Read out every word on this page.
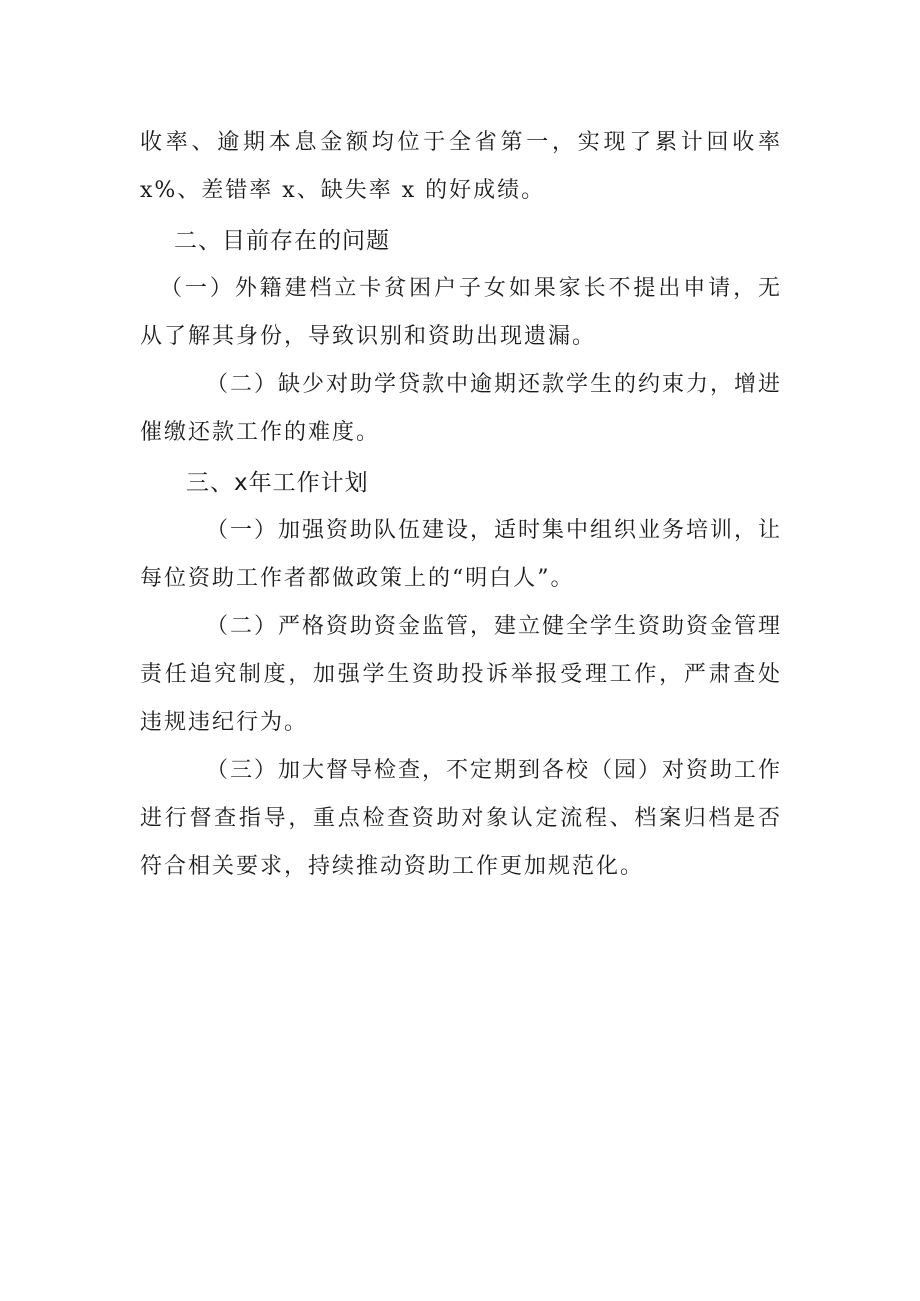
收率、逾期本息金额均位于全省第一，实现了累计回收率 x%、差错率 x、缺失率 x 的好成绩。

二、目前存在的问题

（一）外籍建档立卡贫困户子女如果家长不提出申请，无从了解其身份，导致识别和资助出现遗漏。

（二）缺少对助学贷款中逾期还款学生的约束力，增进催缴还款工作的难度。

三、x年工作计划

（一）加强资助队伍建设，适时集中组织业务培训，让每位资助工作者都做政策上的“明白人”。

（二）严格资助资金监管，建立健全学生资助资金管理责任追究制度，加强学生资助投诉举报受理工作，严肃查处违规违纪行为。

（三）加大督导检查，不定期到各校（园）对资助工作进行督查指导，重点检查资助对象认定流程、档案归档是否符合相关要求，持续推动资助工作更加规范化。
